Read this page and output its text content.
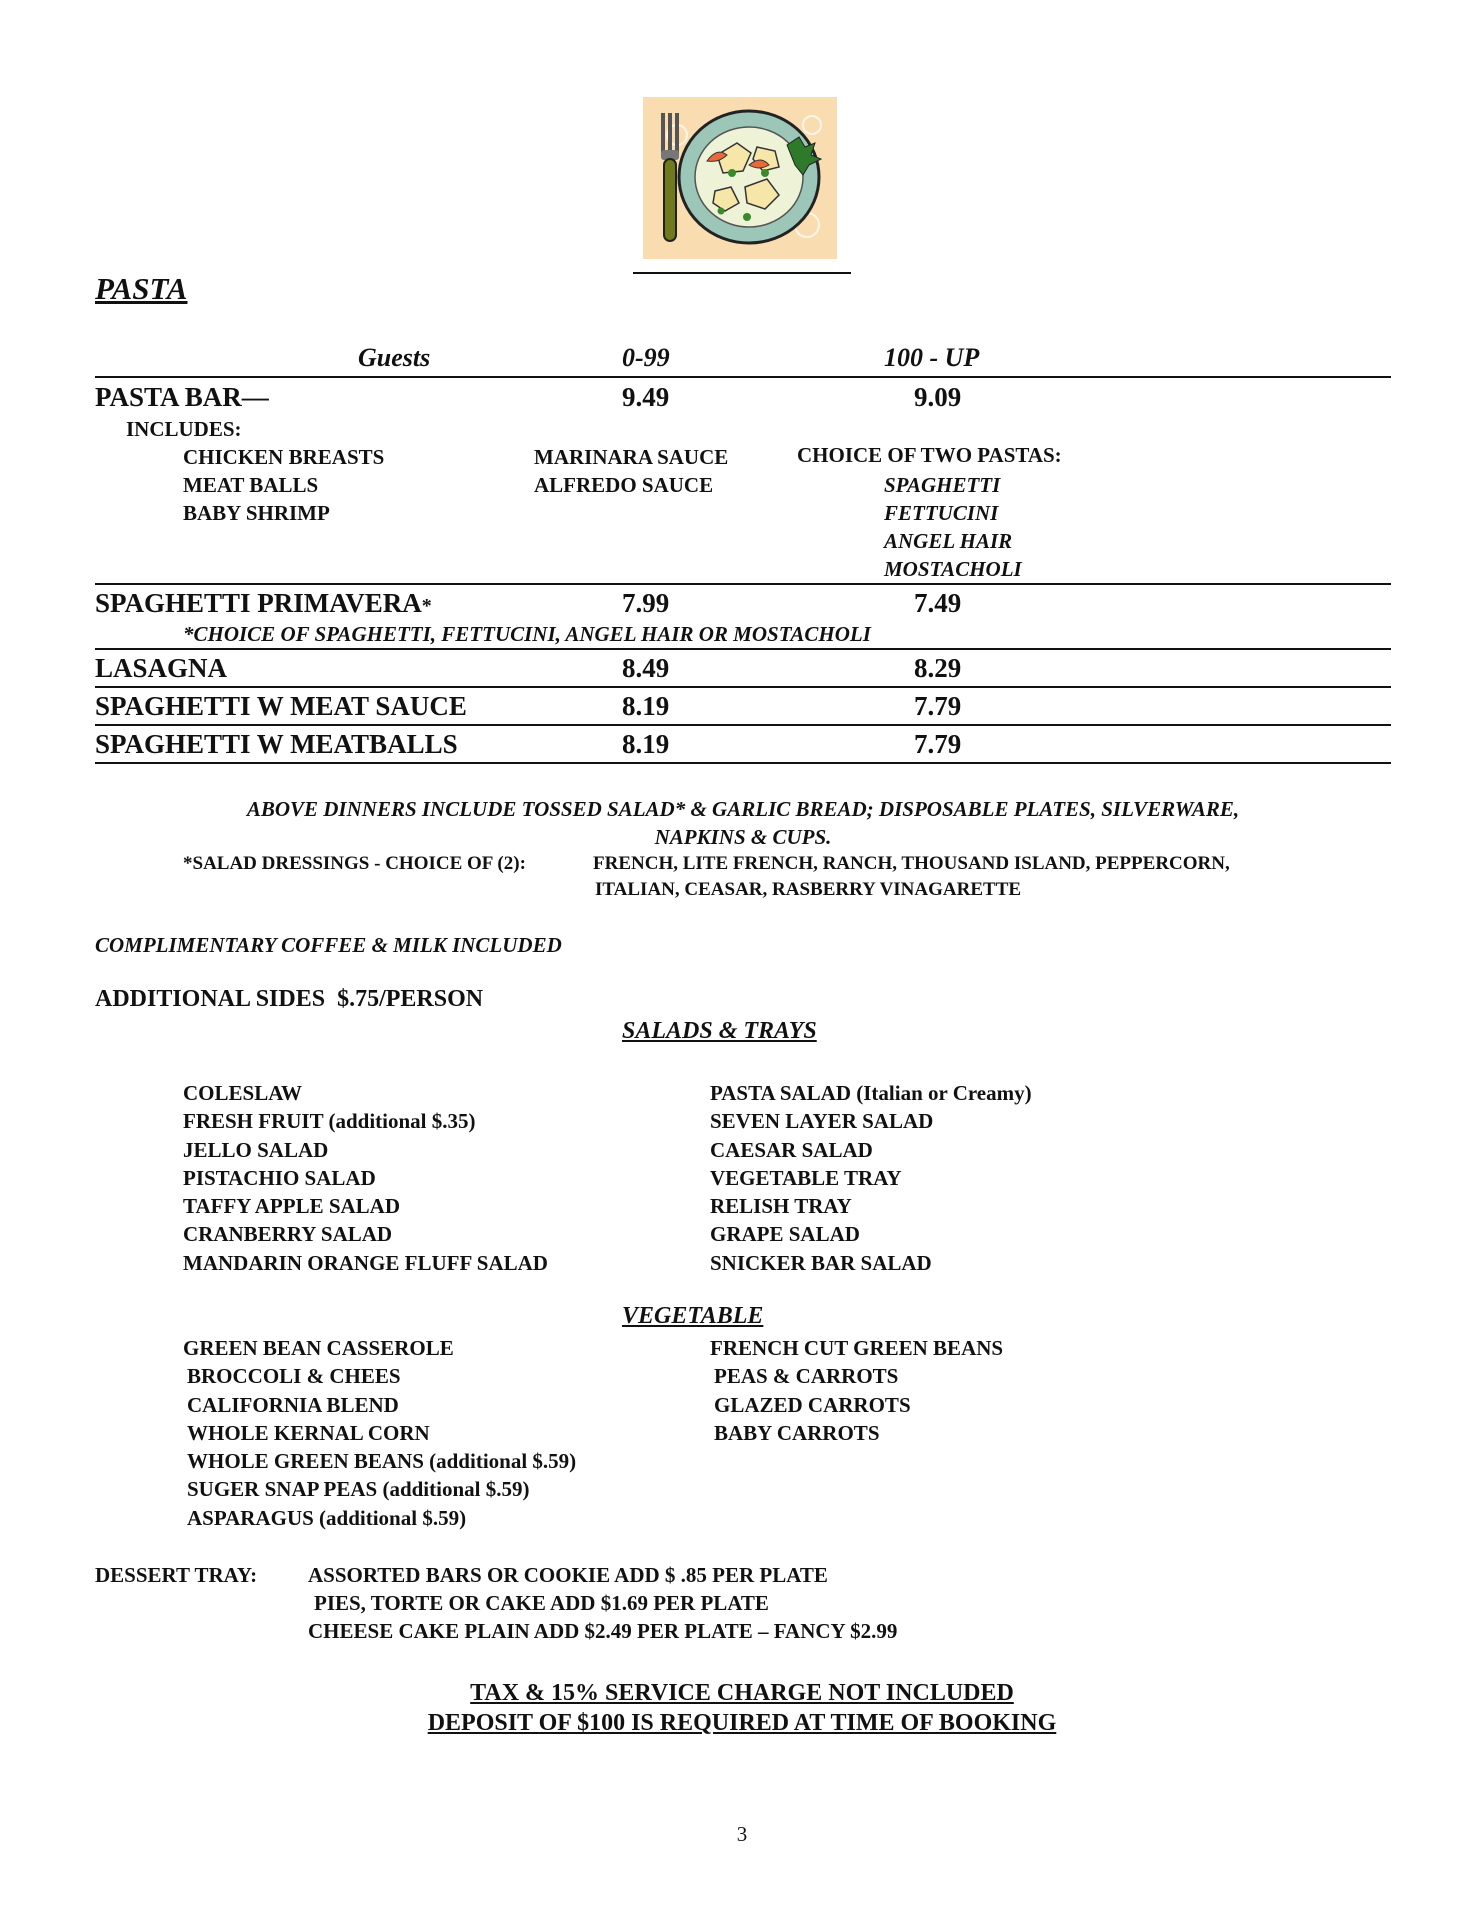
PASTA
Guests	0-99	100 - UP
PASTA BAR—	9.49	9.09
INCLUDES:
CHICKEN BREASTS
MEAT BALLS
BABY SHRIMP
MARINARA SAUCE
ALFREDO SAUCE
CHOICE OF TWO PASTAS:
SPAGHETTI
FETTUCINI
ANGEL HAIR
MOSTACHOLI
SPAGHETTI PRIMAVERA*	7.99	7.49
*CHOICE OF SPAGHETTI, FETTUCINI, ANGEL HAIR OR MOSTACHOLI
LASAGNA	8.49	8.29
SPAGHETTI W MEAT SAUCE	8.19	7.79
SPAGHETTI W MEATBALLS	8.19	7.79
ABOVE DINNERS INCLUDE TOSSED SALAD* & GARLIC BREAD; DISPOSABLE PLATES, SILVERWARE,
NAPKINS & CUPS.
*SALAD DRESSINGS - CHOICE OF (2):	FRENCH, LITE FRENCH, RANCH, THOUSAND ISLAND, PEPPERCORN,
ITALIAN, CEASAR, RASBERRY VINAGARETTE
COMPLIMENTARY COFFEE & MILK INCLUDED
ADDITIONAL SIDES  $.75/PERSON
SALADS & TRAYS
COLESLAW
FRESH FRUIT (additional $.35)
JELLO SALAD
PISTACHIO SALAD
TAFFY APPLE SALAD
CRANBERRY SALAD
MANDARIN ORANGE FLUFF SALAD
PASTA SALAD (Italian or Creamy)
SEVEN LAYER SALAD
CAESAR SALAD
VEGETABLE TRAY
RELISH TRAY
GRAPE SALAD
SNICKER BAR SALAD
VEGETABLE
GREEN BEAN CASSEROLE
BROCCOLI & CHEES
CALIFORNIA BLEND
WHOLE KERNAL CORN
WHOLE GREEN BEANS (additional $.59)
SUGER SNAP PEAS (additional $.59)
ASPARAGUS (additional $.59)
FRENCH CUT GREEN BEANS
PEAS & CARROTS
GLAZED CARROTS
BABY CARROTS
DESSERT TRAY: ASSORTED BARS OR COOKIE ADD $ .85 PER PLATE
PIES, TORTE OR CAKE ADD $1.69 PER PLATE
CHEESE CAKE PLAIN ADD $2.49 PER PLATE – FANCY $2.99
TAX & 15% SERVICE CHARGE NOT INCLUDED
DEPOSIT OF $100 IS REQUIRED AT TIME OF BOOKING
3
